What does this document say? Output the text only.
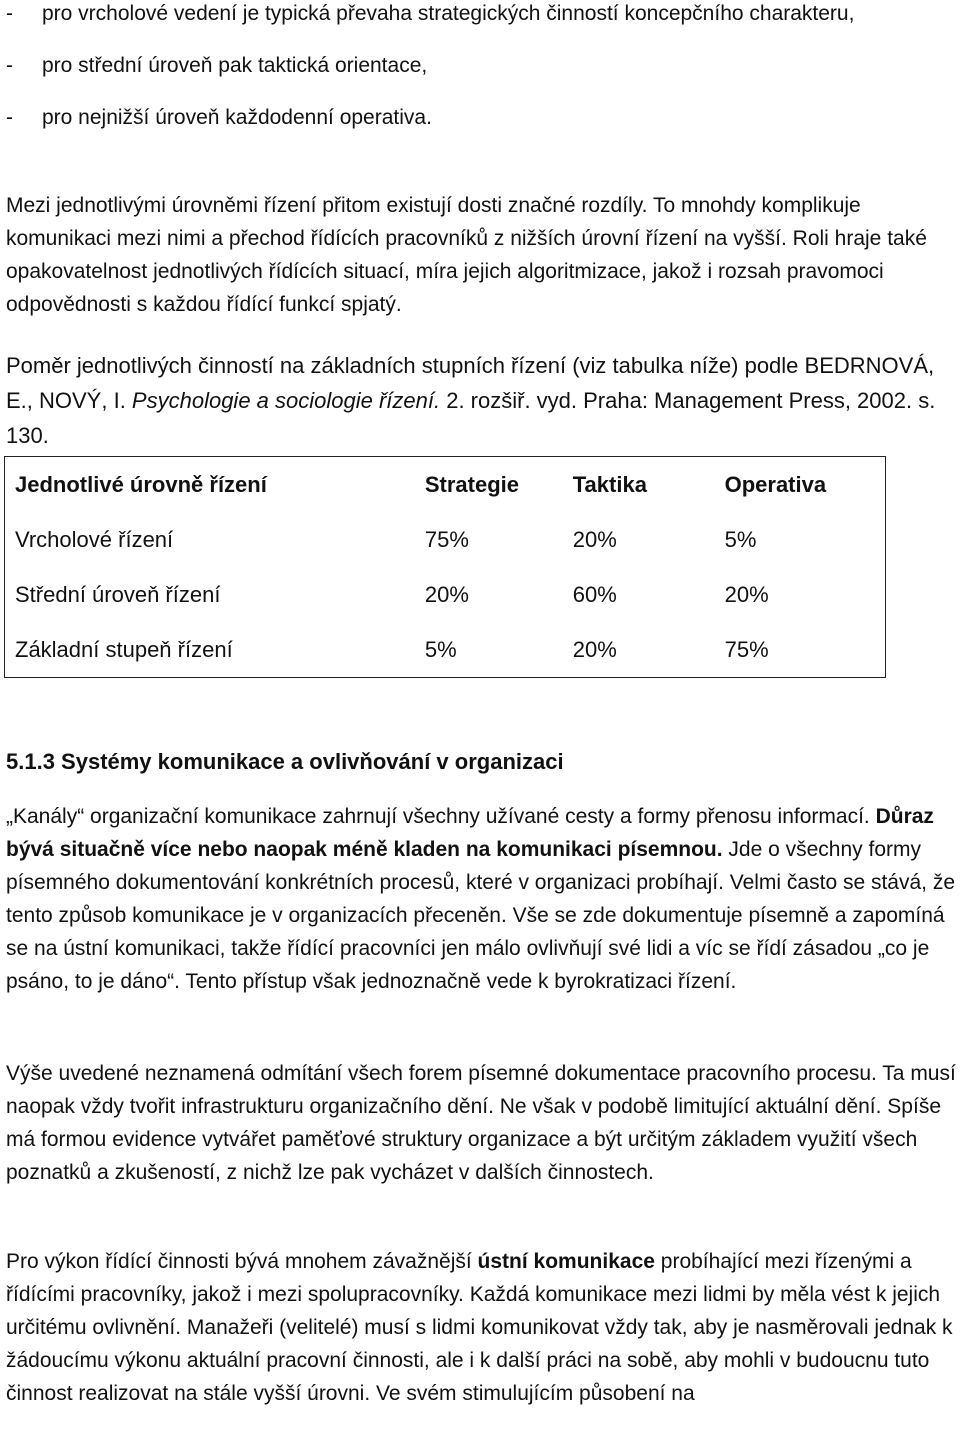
- pro vrcholové vedení je typická převaha strategických činností koncepčního charakteru,
- pro střední úroveň pak taktická orientace,
- pro nejnižší úroveň každodenní operativa.

Mezi jednotlivými úrovněmi řízení přitom existují dosti značné rozdíly. To mnohdy komplikuje komunikaci mezi nimi a přechod řídících pracovníků z nižších úrovní řízení na vyšší. Roli hraje také opakovatelnost jednotlivých řídících situací, míra jejich algoritmizace, jakož i rozsah pravomoci odpovědnosti s každou řídící funkcí spjatý.

Poměr jednotlivých činností na základních stupních řízení (viz tabulka níže) podle BEDRNOVÁ, E., NOVÝ, I. Psychologie a sociologie řízení. 2. rozšiř. vyd. Praha: Management Press, 2002. s. 130.

Jednotlivé úrovně řízení	Strategie	Taktika	Operativa
Vrcholové řízení	75%	20%	5%
Střední úroveň řízení	20%	60%	20%
Základní stupeň řízení	5%	20%	75%
5.1.3 Systémy komunikace a ovlivňování v organizaci

„Kanály“ organizační komunikace zahrnují všechny užívané cesty a formy přenosu informací. Důraz bývá situačně více nebo naopak méně kladen na komunikaci písemnou. Jde o všechny formy písemného dokumentování konkrétních procesů, které v organizaci probíhají. Velmi často se stává, že tento způsob komunikace je v organizacích přeceněn. Vše se zde dokumentuje písemně a zapomíná se na ústní komunikaci, takže řídící pracovníci jen málo ovlivňují své lidi a víc se řídí zásadou „co je psáno, to je dáno“. Tento přístup však jednoznačně vede k byrokratizaci řízení.

Výše uvedené neznamená odmítání všech forem písemné dokumentace pracovního procesu. Ta musí naopak vždy tvořit infrastrukturu organizačního dění. Ne však v podobě limitující aktuální dění. Spíše má formou evidence vytvářet paměťové struktury organizace a být určitým základem využití všech poznatků a zkušeností, z nichž lze pak vycházet v dalších činnostech.

Pro výkon řídící činnosti bývá mnohem závažnější ústní komunikace probíhající mezi řízenými a řídícími pracovníky, jakož i mezi spolupracovníky. Každá komunikace mezi lidmi by měla vést k jejich určitému ovlivnění. Manažeři (velitelé) musí s lidmi komunikovat vždy tak, aby je nasměrovali jednak k žádoucímu výkonu aktuální pracovní činnosti, ale i k další práci na sobě, aby mohli v budoucnu tuto činnost realizovat na stále vyšší úrovni. Ve svém stimulujícím působení na
